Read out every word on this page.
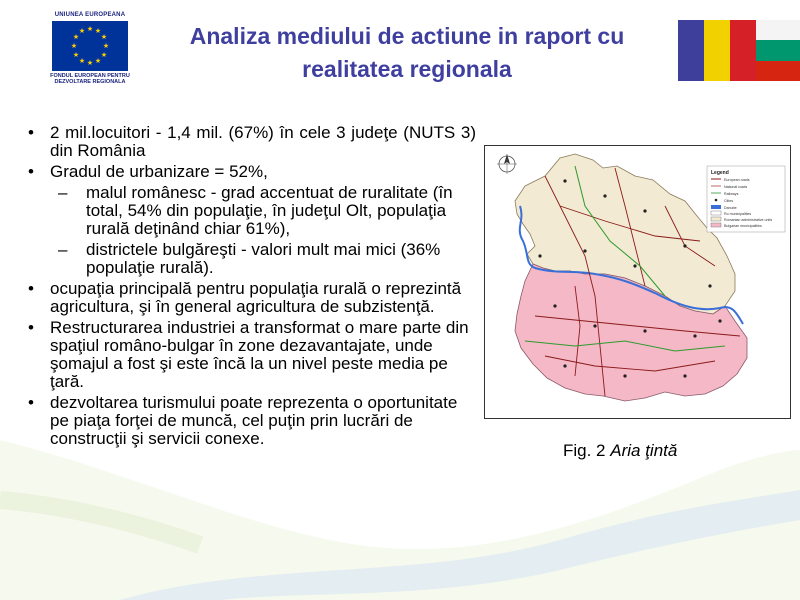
UNIUNEA EUROPEANA
★ ★
★
★
★
★
★
★
★
★
★
★
FONDUL EUROPEAN PENTRU DEZVOLTARE REGIONALA
Analiza mediului de actiune in raport cu realitatea regionala
• 2 mil.locuitori - 1,4 mil. (67%) în cele 3 judeţe (NUTS 3) din România
• Gradul de urbanizare = 52%,
– malul românesc - grad accentuat de ruralitate (în total, 54% din populaţie, în judeţul Olt, populaţia rurală deţinând chiar 61%),
– districtele bulgăreşti - valori mult mai mici (36% populaţie rurală).
• ocupaţia principală pentru populaţia rurală o reprezintă agricultura, şi în general agricultura de subzistenţă.
• Restructurarea industriei a transformat o mare parte din spaţiul româno-bulgar în zone dezavantajate, unde şomajul a fost şi este încă la un nivel peste media pe ţară.
• dezvoltarea turismului poate reprezenta o oportunitate pe piaţa forţei de muncă, cel puţin prin lucrări de construcţii şi servicii conexe.
Legend
European roads
National roads
Railways
Cities
Danube
Ro municipalities
Romanian administrative units
Bulgarian municipalities
Fig. 2 Aria ţintă
